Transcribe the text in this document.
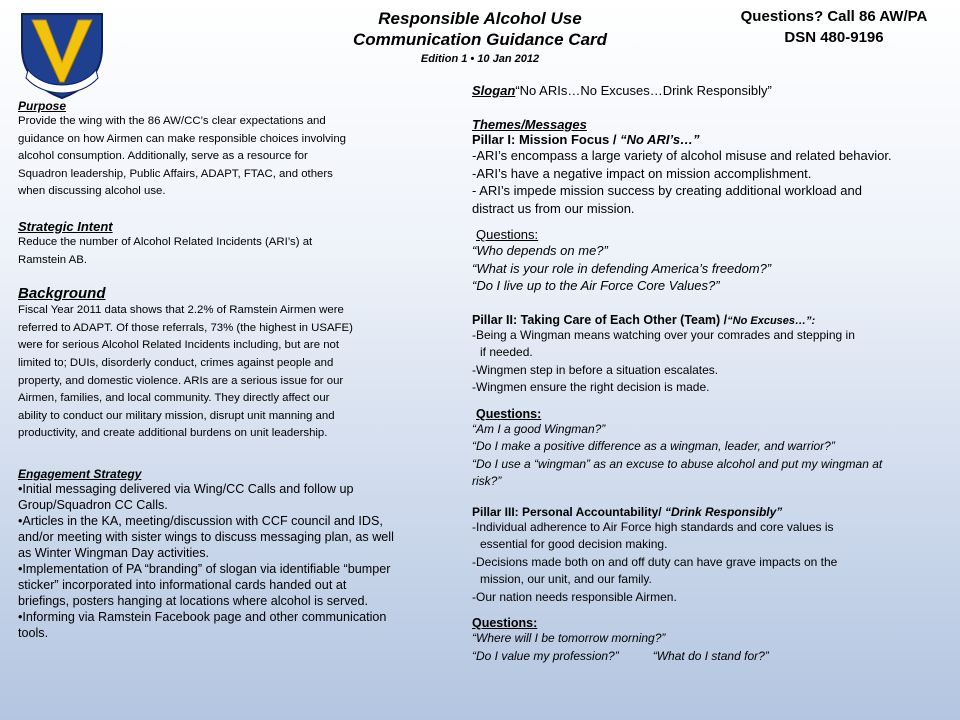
Responsible Alcohol Use
Communication Guidance Card
Edition 1 • 10 Jan 2012
Questions? Call 86 AW/PA
DSN 480-9196
Purpose
Provide the wing with the 86 AW/CC’s clear expectations and
guidance on how Airmen can make responsible choices involving
alcohol consumption. Additionally, serve as a resource for
Squadron leadership, Public Affairs, ADAPT, FTAC, and others
when discussing alcohol use.
Strategic Intent
Reduce the number of Alcohol Related Incidents (ARI’s) at
Ramstein AB.
Background
Fiscal Year 2011 data shows that 2.2% of Ramstein Airmen were
referred to ADAPT. Of those referrals, 73% (the highest in USAFE)
were for serious Alcohol Related Incidents including, but are not
limited to; DUIs, disorderly conduct, crimes against people and
property, and domestic violence. ARIs are a serious issue for our
Airmen, families, and local community. They directly affect our
ability to conduct our military mission, disrupt unit manning and
productivity, and create additional burdens on unit leadership.
Engagement Strategy
•Initial messaging delivered via Wing/CC Calls and follow up
Group/Squadron CC Calls.
•Articles in the KA, meeting/discussion with CCF council and IDS,
and/or meeting with sister wings to discuss messaging plan, as well
as Winter Wingman Day activities.
•Implementation of PA “branding” of slogan via identifiable “bumper
sticker” incorporated into informational cards handed out at
briefings, posters hanging at locations where alcohol is served.
•Informing via Ramstein Facebook page and other communication
tools.
Slogan“No ARIs…No Excuses…Drink Responsibly”
Themes/Messages
Pillar I: Mission Focus / “No ARI’s…”
-ARI’s encompass a large variety of alcohol misuse and related behavior.
-ARI’s have a negative impact on mission accomplishment.
- ARI’s impede mission success by creating additional workload and
distract us from our mission.
Questions:
“Who depends on me?”
“What is your role in defending America’s freedom?”
“Do I live up to the Air Force Core Values?”
Pillar II: Taking Care of Each Other (Team) /“No Excuses…”:
-Being a Wingman means watching over your comrades and stepping in
if needed.
-Wingmen step in before a situation escalates.
-Wingmen ensure the right decision is made.
Questions:
“Am I a good Wingman?”
“Do I make a positive difference as a wingman, leader, and warrior?”
“Do I use a “wingman” as an excuse to abuse alcohol and put my wingman at
risk?”
Pillar III: Personal Accountability/ “Drink Responsibly”
-Individual adherence to Air Force high standards and core values is
essential for good decision making.
-Decisions made both on and off duty can have grave impacts on the
mission, our unit, and our family.
-Our nation needs responsible Airmen.
Questions:
“Where will I be tomorrow morning?”
“Do I value my profession?”	“What do I stand for?”
